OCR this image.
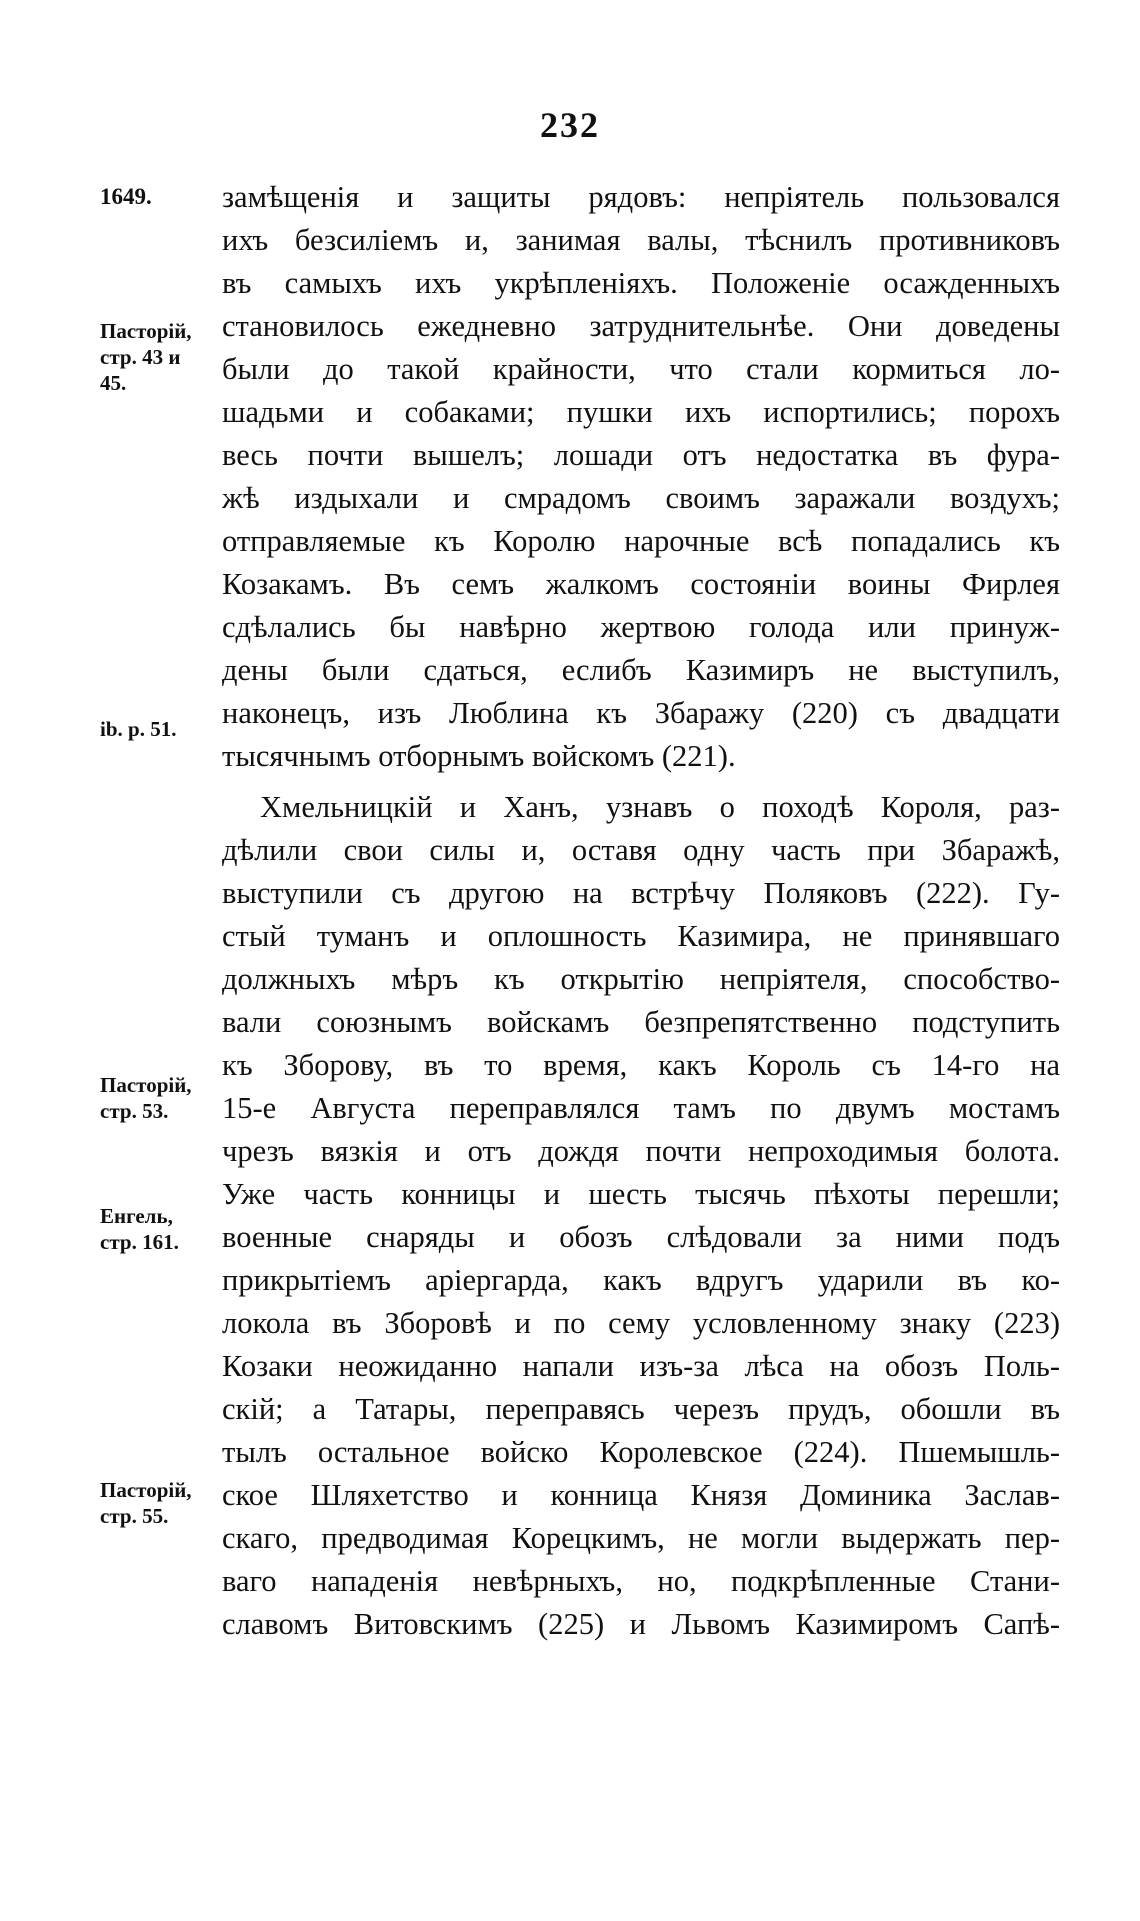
232
1649.
Пасторій,
стр. 43 и
45.
ib. p. 51.
Пасторій,
стр. 53.
Енгель,
стр. 161.
Пасторій,
стр. 55.
замѣщенія и защиты рядовъ: непріятель пользовался
ихъ безсиліемъ и, занимая валы, тѣснилъ противниковъ
въ самыхъ ихъ укрѣпленіяхъ. Положеніе осажденныхъ
становилось ежедневно затруднительнѣе. Они доведены
были до такой крайности, что стали кормиться ло-
шадьми и собаками; пушки ихъ испортились; порохъ
весь почти вышелъ; лошади отъ недостатка въ фура-
жѣ издыхали и смрадомъ своимъ заражали воздухъ;
отправляемые къ Королю нарочные всѣ попадались къ
Козакамъ. Въ семъ жалкомъ состояніи воины Фирлея
сдѣлались бы навѣрно жертвою голода или принуж-
дены были сдаться, еслибъ Казимиръ не выступилъ,
наконецъ, изъ Люблина къ Збаражу (220) съ двадцати
тысячнымъ отборнымъ войскомъ (221).
Хмельницкій и Ханъ, узнавъ о походѣ Короля, раз-
дѣлили свои силы и, оставя одну часть при Збаражѣ,
выступили съ другою на встрѣчу Поляковъ (222). Гу-
стый туманъ и оплошность Казимира, не принявшаго
должныхъ мѣръ къ открытію непріятеля, способство-
вали союзнымъ войскамъ безпрепятственно подступить
къ Зборову, въ то время, какъ Король съ 14-го на
15-е Августа переправлялся тамъ по двумъ мостамъ
чрезъ вязкія и отъ дождя почти непроходимыя болота.
Уже часть конницы и шесть тысячь пѣхоты перешли;
военные снаряды и обозъ слѣдовали за ними подъ
прикрытіемъ аріергарда, какъ вдругъ ударили въ ко-
локола въ Зборовѣ и по сему условленному знаку (223)
Козаки неожиданно напали изъ-за лѣса на обозъ Поль-
скій; а Татары, переправясь черезъ прудъ, обошли въ
тылъ остальное войско Королевское (224). Пшемышль-
ское Шляхетство и конница Князя Доминика Заслав-
скаго, предводимая Корецкимъ, не могли выдержать пер-
ваго нападенія невѣрныхъ, но, подкрѣпленные Стани-
славомъ Витовскимъ (225) и Львомъ Казимиромъ Сапѣ-
